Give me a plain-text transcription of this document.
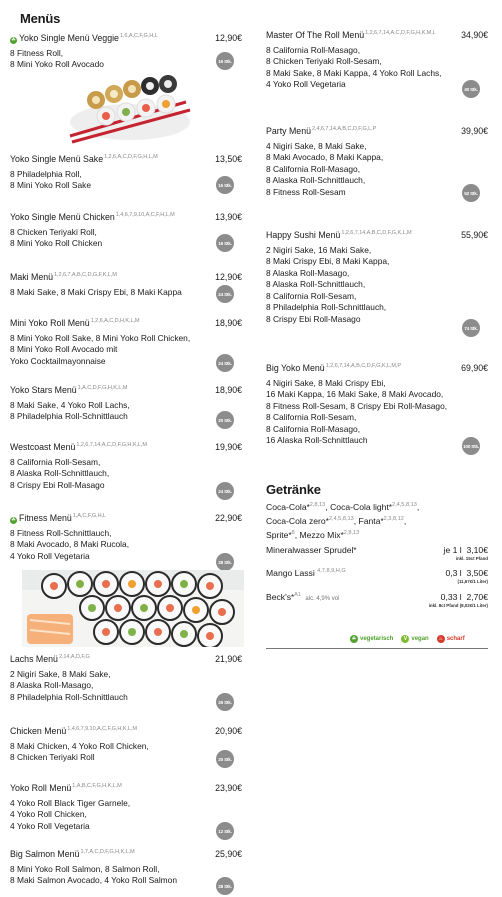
Menüs
☘ Yoko Single Menü Veggie$^{1,6,A,C,F,G,H,L}$	12,90€
8 Fitness Roll,
8 Mini Yoko Roll Avocado	16 Stk.
Yoko Single Menü Sake$^{1,2,6,A,C,D,F,G,H,L,M}$	13,50€
8 Philadelphia Roll,
8 Mini Yoko Roll Sake	16 Stk.
Yoko Single Menü Chicken$^{1,4,6,7,9,10,A,C,F,H,L,M}$	13,90€
8 Chicken Teriyaki Roll,
8 Mini Yoko Roll Chicken	16 Stk.
Maki Menü$^{1,2,6,7,A,B,C,D,G,F,K,L,M}$	12,90€
8 Maki Sake, 8 Maki Crispy Ebi, 8 Maki Kappa	24 Stk.
Mini Yoko Roll Menü$^{1,2,6,A,C,D,H,K,L,M}$	18,90€
8 Mini Yoko Roll Sake, 8 Mini Yoko Roll Chicken,
8 Mini Yoko Roll Avocado mit
Yoko Cocktailmayonnaise	24 Stk.
Yoko Stars Menü$^{1,A,C,D,F,G,H,K,L,M}$	18,90€
8 Maki Sake, 4 Yoko Roll Lachs,
8 Philadelphia Roll-Schnittlauch	20 Stk.
Westcoast Menü$^{1,2,6,7,14,A,C,D,F,G,H,K,L,M}$	19,90€
8 California Roll-Sesam,
8 Alaska Roll-Schnittlauch,
8 Crispy Ebi Roll-Masago
24 Stk.
☘ Fitness Menü$^{1,A,C,F,G,H,L}$	22,90€
8 Fitness Roll-Schnittlauch,
8 Maki Avocado, 8 Maki Rucola,
4 Yoko Roll Vegetaria
28 Stk.
Lachs Menü$^{2,14,A,D,F,G}$	21,90€
2 Nigiri Sake, 8 Maki Sake,
8 Alaska Roll-Masago,
8 Philadelphia Roll-Schnittlauch
26 Stk.
Chicken Menü$^{1,4,6,7,9,10,A,C,F,G,H,K,L,M}$	20,90€
8 Maki Chicken, 4 Yoko Roll Chicken,
8 Chicken Teriyaki Roll	20 Stk.
Yoko Roll Menü$^{1,A,B,C,F,G,H,K,L,M}$	23,90€
4 Yoko Roll Black Tiger Garnele,
4 Yoko Roll Chicken,
4 Yoko Roll Vegetaria
12 Stk.
Big Salmon Menü$^{1,7,A,C,D,F,G,H,K,L,M}$	25,90€
8 Mini Yoko Roll Salmon, 8 Salmon Roll,
8 Maki Salmon Avocado, 4 Yoko Roll Salmon
28 Stk.
Master Of The Roll Menü$^{1,2,6,7,14,A,C,D,F,G,H,K,M,L}$	34,90€
8 California Roll-Masago,
8 Chicken Teriyaki Roll-Sesam,
8 Maki Sake, 8 Maki Kappa, 4 Yoko Roll Lachs,
4 Yoko Roll Vegetaria	40 Stk.
Party Menü$^{2,4,6,7,14,A,B,C,D,F,G,L,P}$	39,90€
4 Nigiri Sake, 8 Maki Sake,
8 Maki Avocado, 8 Maki Kappa,
8 California Roll-Masago,
8 Alaska Roll-Schnittlauch,
8 Fitness Roll-Sesam	52 Stk.
Happy Sushi Menü$^{1,2,6,7,14,A,B,C,D,F,G,K,L,M}$	55,90€
2 Nigiri Sake, 16 Maki Sake,
8 Maki Crispy Ebi, 8 Maki Kappa,
8 Alaska Roll-Masago,
8 Alaska Roll-Schnittlauch,
8 California Roll-Sesam,
8 Philadelphia Roll-Schnittlauch,
8 Crispy Ebi Roll-Masago
74 Stk.
Big Yoko Menü$^{1,2,6,7,14,A,B,C,D,F,G,K,L,M,P}$	69,90€
4 Nigiri Sake, 8 Maki Crispy Ebi,
16 Maki Kappa, 16 Maki Sake, 8 Maki Avocado,
8 Fitness Roll-Sesam, 8 Crispy Ebi Roll-Masago,
8 California Roll-Sesam,
8 California Roll-Masago,
16 Alaska Roll-Schnittlauch
100 Stk.
Getränke
Coca-Cola*$^{2,8,13}$, Coca-Cola light*$^{2,4,5,8,13}$,
Coca-Cola zero*$^{2,4,5,8,13}$, Fanta*$^{2,3,8,12}$,
Sprite*$^8$, Mezzo Mix*$^{2,8,13}$
Mineralwasser Sprudel*	je 1 l 3,10€
inkl. 15ct Pfand
Mango Lassi $^{4,7,8,9,H,G}$	0,3 l 3,50€
(11,67€/1 Liter)
Beck's*$^{A1}$ alc. 4,9% vol	0,33 l 2,70€
inkl. 8ct Pfand (8,02€/1 Liter)
☘ vegetarisch	V vegan	♨ scharf
